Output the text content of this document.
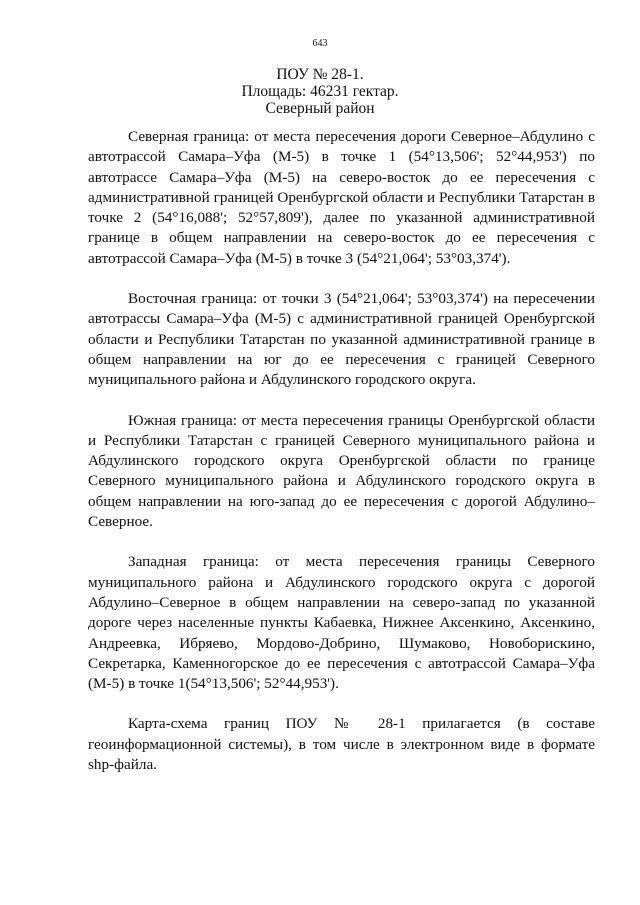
643
ПОУ № 28-1.
Площадь: 46231 гектар.
Северный район

Северная граница: от места пересечения дороги Северное–Абдулино с автотрассой Самара–Уфа (М-5) в точке 1 (54°13,506'; 52°44,953') по автотрассе Самара–Уфа (М-5) на северо-восток до ее пересечения с административной границей Оренбургской области и Республики Татарстан в точке 2 (54°16,088'; 52°57,809'), далее по указанной административной границе в общем направлении на северо-восток до ее пересечения с автотрассой Самара–Уфа (М-5) в точке 3 (54°21,064'; 53°03,374').

Восточная граница: от точки 3 (54°21,064'; 53°03,374') на пересечении автотрассы Самара–Уфа (М-5) с административной границей Оренбургской области и Республики Татарстан по указанной административной границе в общем направлении на юг до ее пересечения с границей Северного муниципального района и Абдулинского городского округа.

Южная граница: от места пересечения границы Оренбургской области и Республики Татарстан с границей Северного муниципального района и Абдулинского городского округа Оренбургской области по границе Северного муниципального района и Абдулинского городского округа в общем направлении на юго-запад до ее пересечения с дорогой Абдулино–Северное.

Западная граница: от места пересечения границы Северного муниципального района и Абдулинского городского округа с дорогой Абдулино–Северное в общем направлении на северо-запад по указанной дороге через населенные пункты Кабаевка, Нижнее Аксенкино, Аксенкино, Андреевка, Ибряево, Мордово-Добрино, Шумаково, Новоборискино, Секретарка, Каменногорское до ее пересечения с автотрассой Самара–Уфа (М-5) в точке 1(54°13,506'; 52°44,953').

Карта-схема границ ПОУ № 28-1 прилагается (в составе геоинформационной системы), в том числе в электронном виде в формате shp-файла.
